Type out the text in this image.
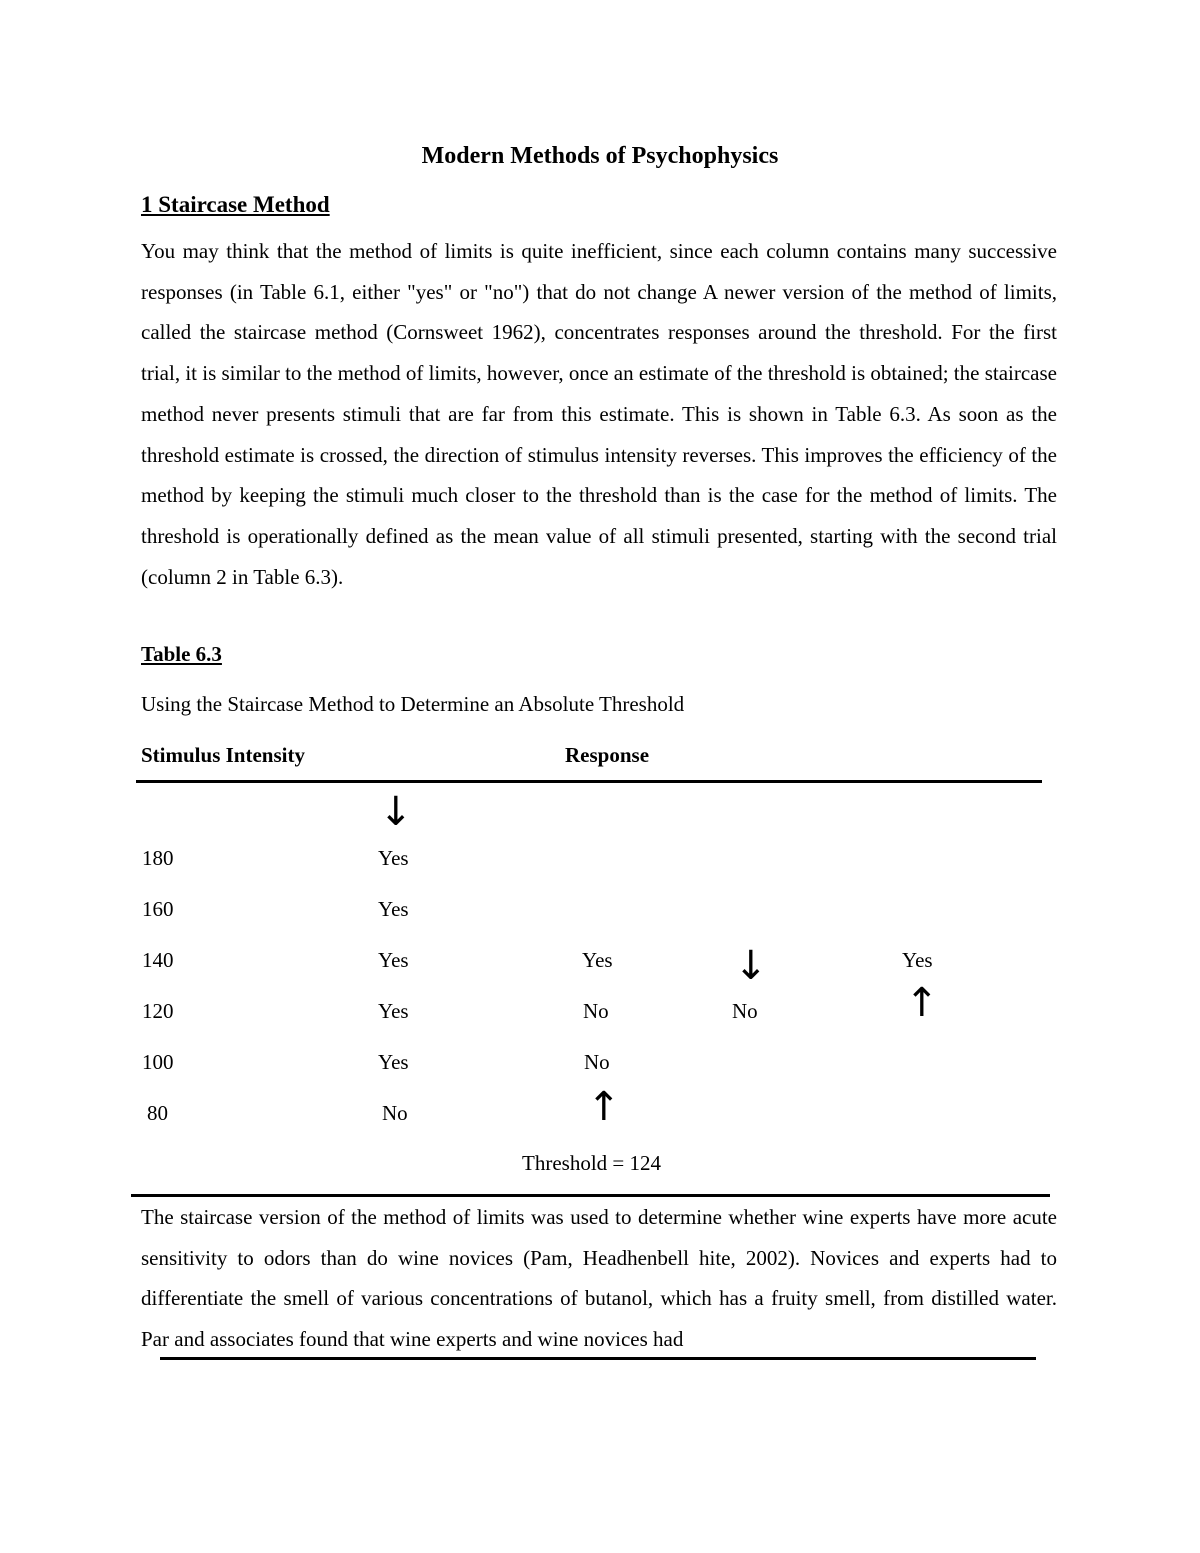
Modern Methods of Psychophysics
1 Staircase Method
You may think that the method of limits is quite inefficient, since each column contains many successive responses (in Table 6.1, either "yes" or "no") that do not change A newer version of the method of limits, called the staircase method (Cornsweet 1962), concentrates responses around the threshold. For the first trial, it is similar to the method of limits, however, once an estimate of the threshold is obtained; the staircase method never presents stimuli that are far from this estimate. This is shown in Table 6.3. As soon as the threshold estimate is crossed, the direction of stimulus intensity reverses. This improves the efficiency of the method by keeping the stimuli much closer to the threshold than is the case for the method of limits. The threshold is operationally defined as the mean value of all stimuli presented, starting with the second trial (column 2 in Table 6.3).
Table 6.3
Using the Staircase Method to Determine an Absolute Threshold
Stimulus Intensity	Response
↓
↓
↑
↑
180
160
140
120
100
80
Yes
Yes
Yes
Yes
Yes
No
Yes
No
No
No
Yes
Threshold = 124
The staircase version of the method of limits was used to determine whether wine experts have more acute sensitivity to odors than do wine novices (Pam, Headhenbell hite, 2002). Novices and experts had to differentiate the smell of various concentrations of butanol, which has a fruity smell, from distilled water. Par and associates found that wine experts and wine novices had
